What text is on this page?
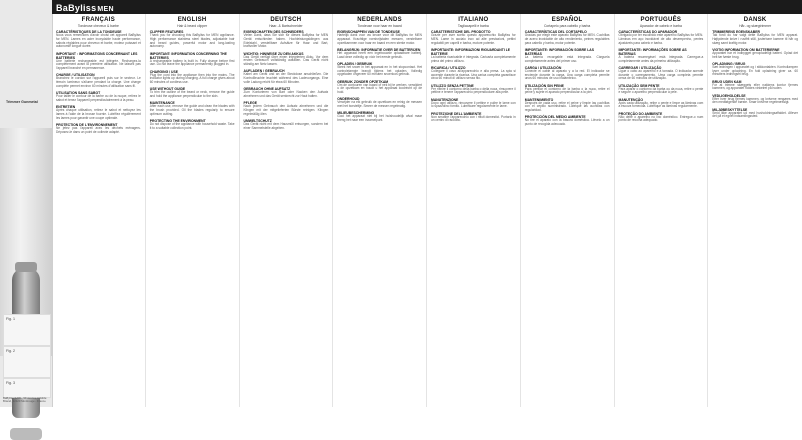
Trimmer Gunmetal
Fig. 1
Fig. 2
Fig. 3
BaByliss SARL, 99 avenue Aristide Briand, 92120 Montrouge - France
BaBylissMEN
FRANÇAIS
Tondeuse cheveux & barbe
CARACTÉRISTIQUES DE LA TONDEUSE

Nous vous remercions d'avoir choisi cet appareil BaByliss for MEN. Lames en acier inoxydable haute performance, sabots réglables pour cheveux et barbe, moteur puissant et autonomie longue durée.

IMPORTANT : INFORMATIONS CONCERNANT LES BATTERIES

Une batterie rechargeable est intégrée. Rechargez-la complètement avant la première utilisation. Ne laissez pas l'appareil branché en permanence.

CHARGE / UTILISATION

Branchez le cordon sur l'appareil puis sur le secteur. Le témoin lumineux s'allume pendant la charge. Une charge complète permet environ 60 minutes d'utilisation sans fil.

UTILISATION SANS SABOT

Pour tailler le contour de la barbe ou de la nuque, retirez le sabot et tenez l'appareil perpendiculairement à la peau.

ENTRETIEN

Après chaque utilisation, retirez le sabot et nettoyez les lames à l'aide de la brosse fournie. Lubrifiez régulièrement les lames pour garantir une coupe optimale.

PROTECTION DE L'ENVIRONNEMENT

Ne jetez pas l'appareil avec les déchets ménagers. Déposez-le dans un point de collecte adapté.

ENGLISH
Hair & beard clipper
CLIPPER FEATURES

Thank you for choosing this BaByliss for MEN appliance. High performance stainless steel blades, adjustable hair and beard guides, powerful motor and long-lasting autonomy.

IMPORTANT: INFORMATION CONCERNING THE BATTERIES

A rechargeable battery is built in. Fully charge before first use. Do not leave the appliance permanently plugged in.

CHARGING / USE

Plug the cord into the appliance then into the mains. The indicator lights up during charging. A full charge gives about 60 minutes of cordless use.

USE WITHOUT GUIDE

To trim the outline of the beard or neck, remove the guide and hold the appliance perpendicular to the skin.

MAINTENANCE

After each use, remove the guide and clean the blades with the brush provided. Oil the blades regularly to ensure optimum cutting.

PROTECTING THE ENVIRONMENT

Do not dispose of the appliance with household waste. Take it to a suitable collection point.

DEUTSCH
Haar- & Bartschneider
EIGENSCHAFTEN DES SCHNEIDERS

Vielen Dank, dass Sie sich für dieses BaByliss for MEN Gerät entschieden haben. Hochleistungsklingen aus Edelstahl, verstellbare Aufsätze für Haar und Bart, kraftvoller Motor.

WICHTIG: HINWEISE ZU DEN AKKUS

Das Gerät verfügt über einen integrierten Akku. Vor dem ersten Gebrauch vollständig aufladen. Das Gerät nicht ständig am Netz lassen.

AUFLADEN / GEBRAUCH

Kabel am Gerät und an der Steckdose anschließen. Die Kontrollleuchte leuchtet während des Ladevorgangs. Eine volle Ladung reicht für etwa 60 Minuten.

GEBRAUCH OHNE AUFSATZ

Zum Konturieren von Bart oder Nacken den Aufsatz abnehmen und das Gerät senkrecht zur Haut halten.

PFLEGE

Nach jedem Gebrauch den Aufsatz abnehmen und die Klingen mit der mitgelieferten Bürste reinigen. Klingen regelmäßig ölen.

UMWELTSCHUTZ

Das Gerät nicht mit dem Hausmüll entsorgen, sondern bei einer Sammelstelle abgeben.

NEDERLANDS
Tondeuse voor haar en baard
EIGENSCHAPPEN VAN DE TONDEUSE

Hartelijk dank voor uw keuze voor dit BaByliss for MEN apparaat. Krachtige roestvrijstalen messen, verstelbare opzetkammen voor haar en baard en een sterke motor.

BELANGRIJK: INFORMATIE OVER DE BATTERIJEN

Het apparaat heeft een ingebouwde oplaadbare batterij. Laad deze volledig op vóór het eerste gebruik.

OPLADEN / GEBRUIK

Steek het snoer in het apparaat en in het stopcontact. Het controlelampje brandt tijdens het opladen. Volledig opgeladen ongeveer 60 minuten snoerloos gebruik.

GEBRUIK ZONDER OPZETKAM

Om de contouren van baard of nek bij te werken, verwijdert u de opzetkam en houdt u het apparaat loodrecht op de huid.

ONDERHOUD

Verwijder na elk gebruik de opzetkam en reinig de messen met het borsteltje. Smeer de messen regelmatig.

MILIEUBESCHERMING

Gooi het apparaat niet bij het huishoudelijk afval maar breng het naar een inzamelpunt.

ITALIANO
Tagliacapelli e barba
CARATTERISTICHE DEL PRODOTTO

Grazie per aver scelto questo apparecchio BaByliss for MEN. Lame in acciaio inox ad alte prestazioni, pettini regolabili per capelli e barba, motore potente.

IMPORTANTE: INFORMAZIONI RIGUARDANTI LE BATTERIE

La batteria ricaricabile è integrata. Caricarla completamente prima del primo utilizzo.

RICARICA / UTILIZZO

Collegare il cavo all'apparecchio e alla presa. La spia si accende durante la ricarica. Una carica completa garantisce circa 60 minuti di utilizzo senza filo.

UTILIZZO SENZA PETTINE

Per rifinire il contorno della barba o della nuca, rimuovere il pettine e tenere l'apparecchio perpendicolare alla pelle.

MANUTENZIONE

Dopo ogni utilizzo, rimuovere il pettine e pulire le lame con lo spazzolino fornito. Lubrificare regolarmente le lame.

PROTEZIONE DELL'AMBIENTE

Non smaltire l'apparecchio con i rifiuti domestici. Portarlo in un centro di raccolta.

ESPAÑOL
Cortapelo para cabello y barba
CARACTERÍSTICAS DEL CORTAPELO

Gracias por elegir este aparato BaByliss for MEN. Cuchillas de acero inoxidable de alto rendimiento, peines regulables para cabello y barba, motor potente.

IMPORTANTE: INFORMACIÓN SOBRE LAS BATERÍAS

La batería recargable está integrada. Cárguela completamente antes del primer uso.

CARGA / UTILIZACIÓN

Conecte el cable al aparato y a la red. El indicador se enciende durante la carga. Una carga completa permite unos 60 minutos de uso inalámbrico.

UTILIZACIÓN SIN PEINE

Para perfilar el contorno de la barba o la nuca, retire el peine y sujete el aparato perpendicular a la piel.

MANTENIMIENTO

Después de cada uso, retire el peine y limpie las cuchillas con el cepillo suministrado. Lubrique las cuchillas con regularidad.

PROTECCIÓN DEL MEDIO AMBIENTE

No tire el aparato con la basura doméstica. Llévelo a un punto de recogida adecuado.

PORTUGUÊS
Aparador de cabelo e barba
CARACTERÍSTICAS DO APARADOR

Obrigado por ter escolhido este aparelho BaByliss for MEN. Lâminas em aço inoxidável de alto desempenho, pentes ajustáveis para cabelo e barba.

IMPORTANTE: INFORMAÇÕES SOBRE AS BATERIAS

A bateria recarregável está integrada. Carregue-a completamente antes da primeira utilização.

CARREGAR / UTILIZAÇÃO

Ligue o cabo ao aparelho e à tomada. O indicador acende durante o carregamento. Uma carga completa permite cerca de 60 minutos de utilização.

UTILIZAÇÃO SEM PENTE

Para aparar o contorno da barba ou da nuca, retire o pente e segure o aparelho perpendicular à pele.

MANUTENÇÃO

Após cada utilização, retire o pente e limpe as lâminas com a escova fornecida. Lubrifique as lâminas regularmente.

PROTEÇÃO DO AMBIENTE

Não deite o aparelho no lixo doméstico. Entregue-o num ponto de recolha adequado.

DANSK
Hår- og skægtrimmer
TRIMMERENS EGENSKABER

Tak fordi du har valgt dette BaByliss for MEN apparat. Højtydende knive i rustfrit stål, justerbare kamme til hår og skæg samt kraftig motor.

VIGTIG INFORMATION OM BATTERIERNE

Apparatet har et indbygget genopladeligt batteri. Oplad det helt før første brug.

OPLADNING / BRUG

Sæt ledningen i apparatet og i stikkontakten. Kontrollampen lyser under opladning. En fuld opladning giver ca. 60 minutters ledningsfri brug.

BRUG UDEN KAM

For at trimme skæggets eller nakkens kontur fjernes kammen, og apparatet holdes vinkelret på huden.

VEDLIGEHOLDELSE

Efter hver brug fjernes kammen, og knivene rengøres med den medfølgende børste. Smør knivene regelmæssigt.

MILJØBESKYTTELSE

Smid ikke apparatet ud med husholdningsaffaldet. Aflever det på et egnet indsamlingssted.
